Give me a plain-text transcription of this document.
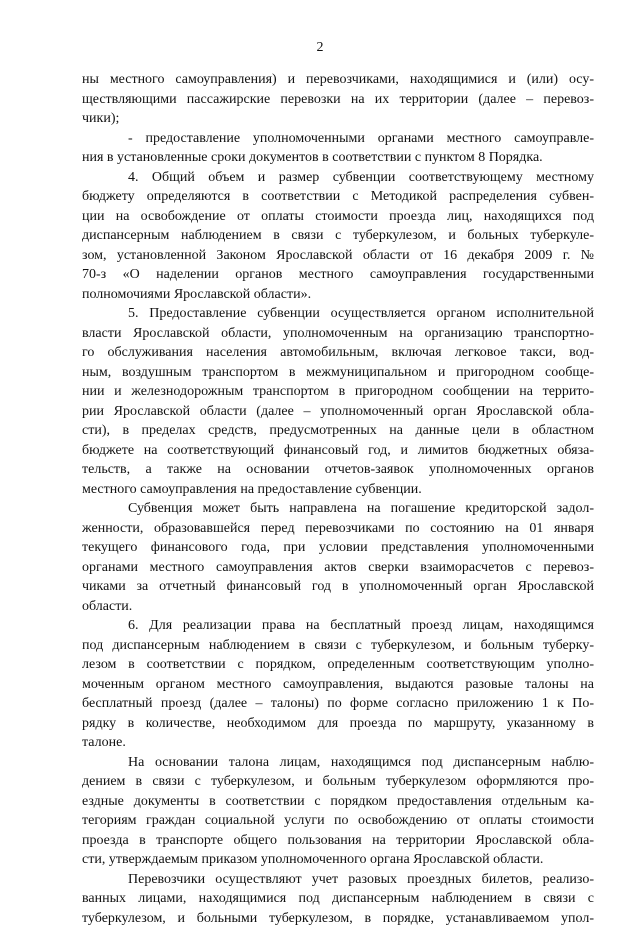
2
ны местного самоуправления) и перевозчиками, находящимися и (или) осу-
ществляющими пассажирские перевозки на их территории (далее – перевоз-
чики);
- предоставление уполномоченными органами местного самоуправле-
ния в установленные сроки документов в соответствии с пунктом 8 Порядка.
4. Общий объем и размер субвенции соответствующему местному
бюджету определяются в соответствии с Методикой распределения субвен-
ции на освобождение от оплаты стоимости проезда лиц, находящихся под
диспансерным наблюдением в связи с туберкулезом, и больных туберкуле-
зом, установленной Законом Ярославской области от 16 декабря 2009 г. №
70-з «О наделении органов местного самоуправления государственными
полномочиями Ярославской области».
5. Предоставление субвенции осуществляется органом исполнительной
власти Ярославской области, уполномоченным на организацию транспортно-
го обслуживания населения автомобильным, включая легковое такси, вод-
ным, воздушным транспортом в межмуниципальном и пригородном сообще-
нии и железнодорожным транспортом в пригородном сообщении на террито-
рии Ярославской области (далее – уполномоченный орган Ярославской обла-
сти), в пределах средств, предусмотренных на данные цели в областном
бюджете на соответствующий финансовый год, и лимитов бюджетных обяза-
тельств, а также на основании отчетов-заявок уполномоченных органов
местного самоуправления на предоставление субвенции.
Субвенция может быть направлена на погашение кредиторской задол-
женности, образовавшейся перед перевозчиками по состоянию на 01 января
текущего финансового года, при условии представления уполномоченными
органами местного самоуправления актов сверки взаиморасчетов с перевоз-
чиками за отчетный финансовый год в уполномоченный орган Ярославской
области.
6. Для реализации права на бесплатный проезд лицам, находящимся
под диспансерным наблюдением в связи с туберкулезом, и больным туберку-
лезом в соответствии с порядком, определенным соответствующим уполно-
моченным органом местного самоуправления, выдаются разовые талоны на
бесплатный проезд (далее – талоны) по форме согласно приложению 1 к По-
рядку в количестве, необходимом для проезда по маршруту, указанному в
талоне.
На основании талона лицам, находящимся под диспансерным наблю-
дением в связи с туберкулезом, и больным туберкулезом оформляются про-
ездные документы в соответствии с порядком предоставления отдельным ка-
тегориям граждан социальной услуги по освобождению от оплаты стоимости
проезда в транспорте общего пользования на территории Ярославской обла-
сти, утверждаемым приказом уполномоченного органа Ярославской области.
Перевозчики осуществляют учет разовых проездных билетов, реализо-
ванных лицами, находящимися под диспансерным наблюдением в связи с
туберкулезом, и больными туберкулезом, в порядке, устанавливаемом упол-
